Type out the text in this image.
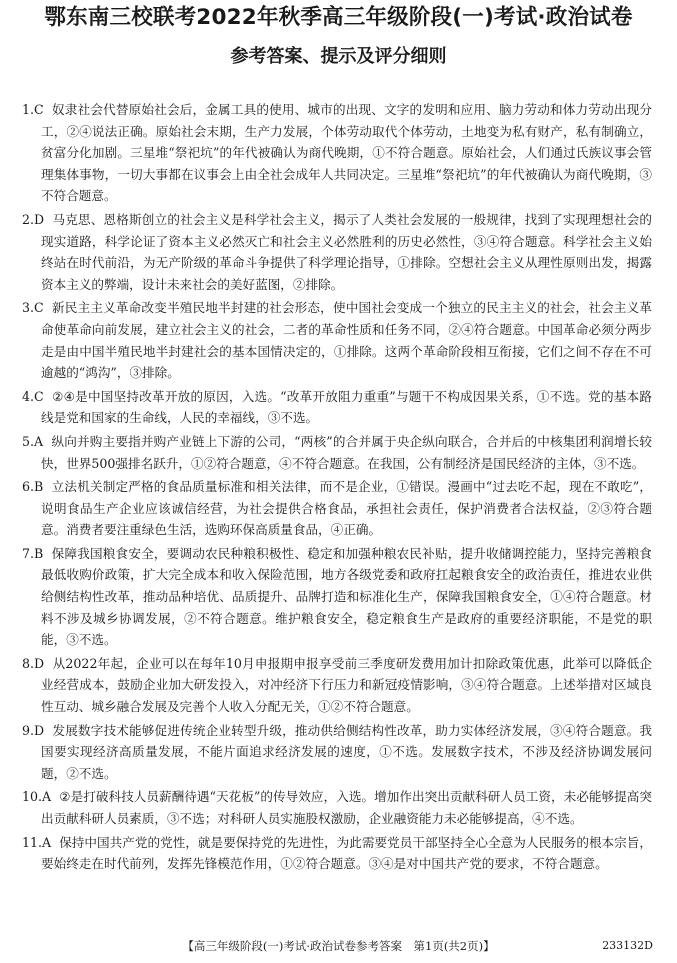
鄂东南三校联考2022年秋季高三年级阶段(一)考试·政治试卷
参考答案、提示及评分细则
1.C 奴隶社会代替原始社会后，金属工具的使用、城市的出现、文字的发明和应用、脑力劳动和体力劳动出现分工，②④说法正确。原始社会末期，生产力发展，个体劳动取代个体劳动，土地变为私有财产，私有制确立，贫富分化加剧。三星堆“祭祀坑”的年代被确认为商代晚期，①不符合题意。原始社会，人们通过氏族议事会管理集体事物，一切大事都在议事会上由全社会成年人共同决定。三星堆“祭祀坑”的年代被确认为商代晚期，③不符合题意。
2.D 马克思、恩格斯创立的社会主义是科学社会主义，揭示了人类社会发展的一般规律，找到了实现理想社会的现实道路，科学论证了资本主义必然灭亡和社会主义必然胜利的历史必然性，③④符合题意。科学社会主义始终站在时代前沿，为无产阶级的革命斗争提供了科学理论指导，①排除。空想社会主义从理性原则出发，揭露资本主义的弊端，设计未来社会的美好蓝图，②排除。
3.C 新民主主义革命改变半殖民地半封建的社会形态，使中国社会变成一个独立的民主主义的社会，社会主义革命使革命向前发展，建立社会主义的社会，二者的革命性质和任务不同，②④符合题意。中国革命必须分两步走是由中国半殖民地半封建社会的基本国情决定的，①排除。这两个革命阶段相互衔接，它们之间不存在不可逾越的“鸿沟”，③排除。
4.C ②④是中国坚持改革开放的原因，入选。“改革开放阻力重重”与题干不构成因果关系，①不选。党的基本路线是党和国家的生命线，人民的幸福线，③不选。
5.A 纵向并购主要指并购产业链上下游的公司，“两核”的合并属于央企纵向联合，合并后的中核集团利润增长较快，世界500强排名跃升，①②符合题意，④不符合题意。在我国，公有制经济是国民经济的主体，③不选。
6.B 立法机关制定严格的食品质量标准和相关法律，而不是企业，①错误。漫画中“过去吃不起，现在不敢吃”，说明食品生产企业应该诚信经营，为社会提供合格食品，承担社会责任，保护消费者合法权益，②③符合题意。消费者要注重绿色生活，选购环保高质量食品，④正确。
7.B 保障我国粮食安全，要调动农民种粮积极性、稳定和加强种粮农民补贴，提升收储调控能力，坚持完善粮食最低收购价政策，扩大完全成本和收入保险范围，地方各级党委和政府扛起粮食安全的政治责任，推进农业供给侧结构性改革，推动品种培优、品质提升、品牌打造和标准化生产，保障我国粮食安全，①④符合题意。材料不涉及城乡协调发展，②不符合题意。维护粮食安全，稳定粮食生产是政府的重要经济职能，不是党的职能，③不选。
8.D 从2022年起，企业可以在每年10月申报期申报享受前三季度研发费用加计扣除政策优惠，此举可以降低企业经营成本，鼓励企业加大研发投入，对冲经济下行压力和新冠疫情影响，③④符合题意。上述举措对区域良性互动、城乡融合发展及完善个人收入分配无关，①②不符合题意。
9.D 发展数字技术能够促进传统企业转型升级，推动供给侧结构性改革，助力实体经济发展，③④符合题意。我国要实现经济高质量发展，不能片面追求经济发展的速度，①不选。发展数字技术，不涉及经济协调发展问题，②不选。
10.A ②是打破科技人员薪酬待遇“天花板”的传导效应，入选。增加作出突出贡献科研人员工资，未必能够提高突出贡献科研人员素质，③不选；对科研人员实施股权激励，企业融资能力未必能够提高，④不选。
11.A 保持中国共产党的党性，就是要保持党的先进性，为此需要党员干部坚持全心全意为人民服务的根本宗旨，要始终走在时代前列，发挥先锋模范作用，①②符合题意。③④是对中国共产党的要求，不符合题意。
【高三年级阶段(一)考试·政治试卷参考答案　第1页(共2页)】	233132D
